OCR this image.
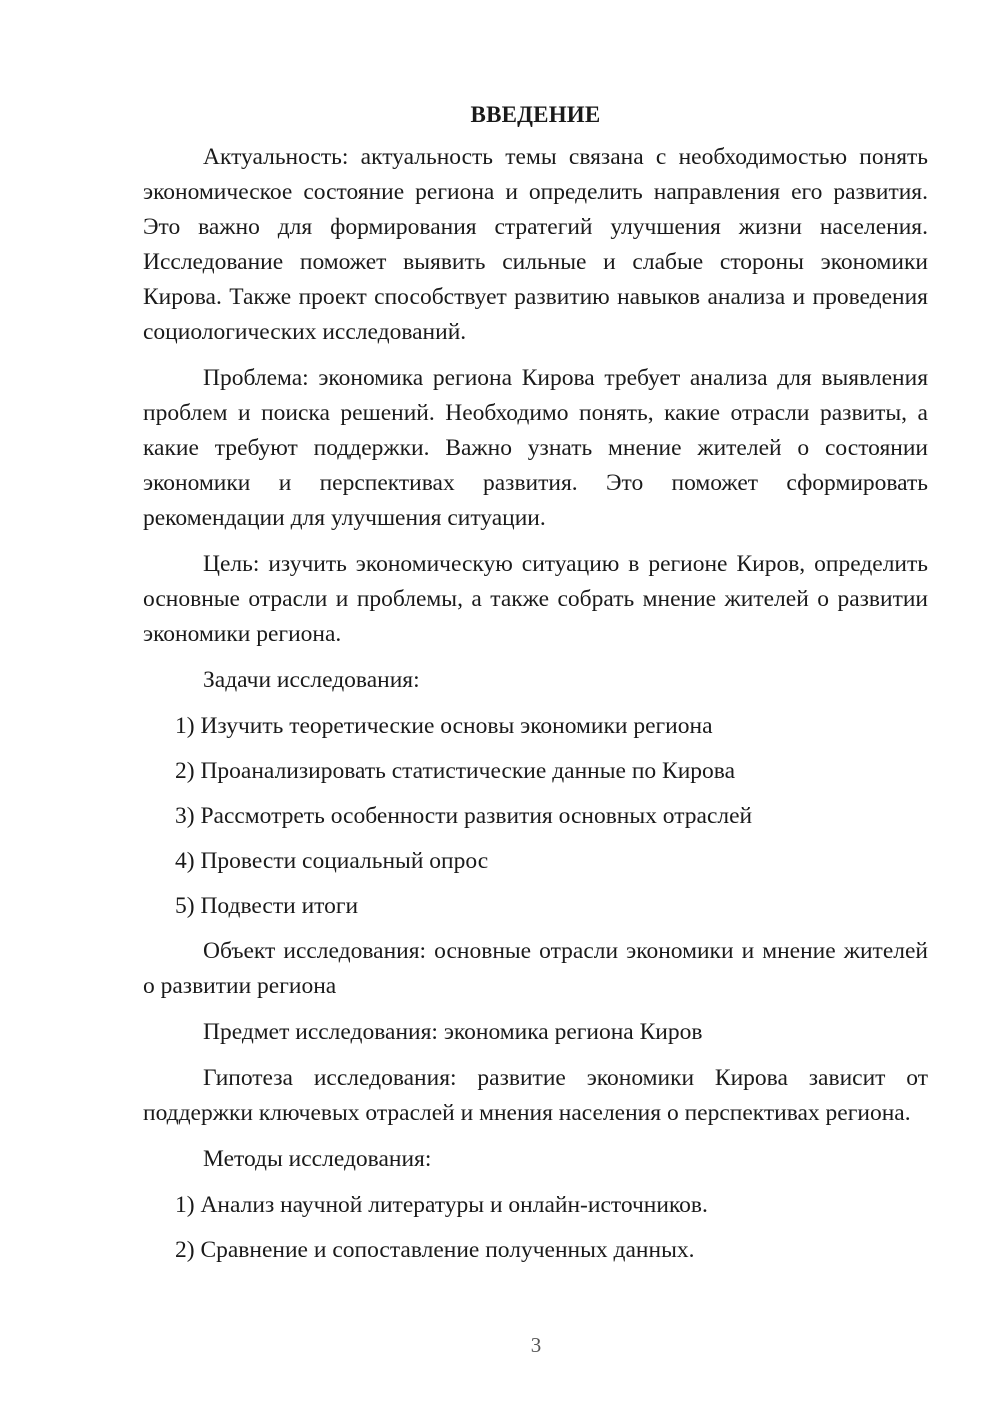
ВВЕДЕНИЕ

Актуальность: актуальность темы связана с необходимостью понять экономическое состояние региона и определить направления его развития. Это важно для формирования стратегий улучшения жизни населения. Исследование поможет выявить сильные и слабые стороны экономики Кирова. Также проект способствует развитию навыков анализа и проведения социологических исследований.

Проблема: экономика региона Кирова требует анализа для выявления проблем и поиска решений. Необходимо понять, какие отрасли развиты, а какие требуют поддержки. Важно узнать мнение жителей о состоянии экономики и перспективах развития. Это поможет сформировать рекомендации для улучшения ситуации.

Цель: изучить экономическую ситуацию в регионе Киров, определить основные отрасли и проблемы, а также собрать мнение жителей о развитии экономики региона.

Задачи исследования:
1) Изучить теоретические основы экономики региона
2) Проанализировать статистические данные по Кирова
3) Рассмотреть особенности развития основных отраслей
4) Провести социальный опрос
5) Подвести итоги

Объект исследования: основные отрасли экономики и мнение жителей о развитии региона

Предмет исследования: экономика региона Киров

Гипотеза исследования: развитие экономики Кирова зависит от поддержки ключевых отраслей и мнения населения о перспективах региона.

Методы исследования:
1) Анализ научной литературы и онлайн-источников.
2) Сравнение и сопоставление полученных данных.
3
